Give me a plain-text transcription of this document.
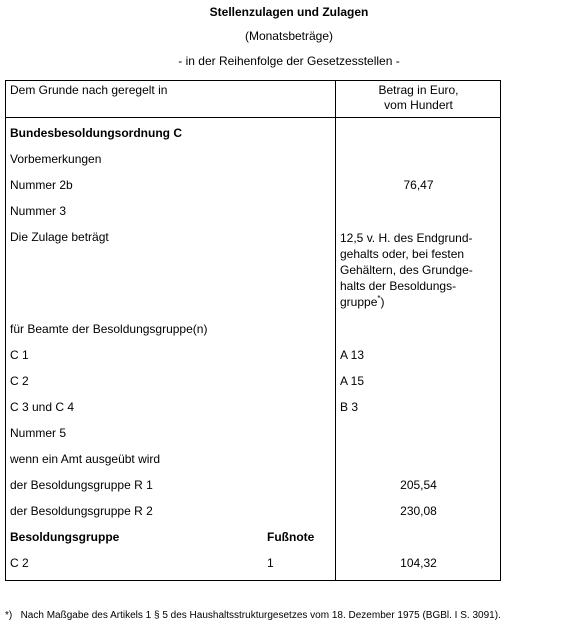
Stellenzulagen und Zulagen
(Monatsbeträge)
- in der Reihenfolge der Gesetzesstellen -
Dem Grunde nach geregelt in	Betrag in Euro,
vom Hundert
Bundesbesoldungsordnung C
Vorbemerkungen
Nummer 2b	76,47
Nummer 3
Die Zulage beträgt	12,5 v. H. des Endgrund-
gehalts oder, bei festen
Gehältern, des Grundge-
halts der Besoldungs-
gruppe*)
für Beamte der Besoldungsgruppe(n)
C 1	A 13
C 2	A 15
C 3 und C 4	B 3
Nummer 5
wenn ein Amt ausgeübt wird
der Besoldungsgruppe R 1	205,54
der Besoldungsgruppe R 2	230,08
Besoldungsgruppe	Fußnote
C 2	1	104,32
*) Nach Maßgabe des Artikels 1 § 5 des Haushaltsstrukturgesetzes vom 18. Dezember 1975 (BGBl. I S. 3091).
